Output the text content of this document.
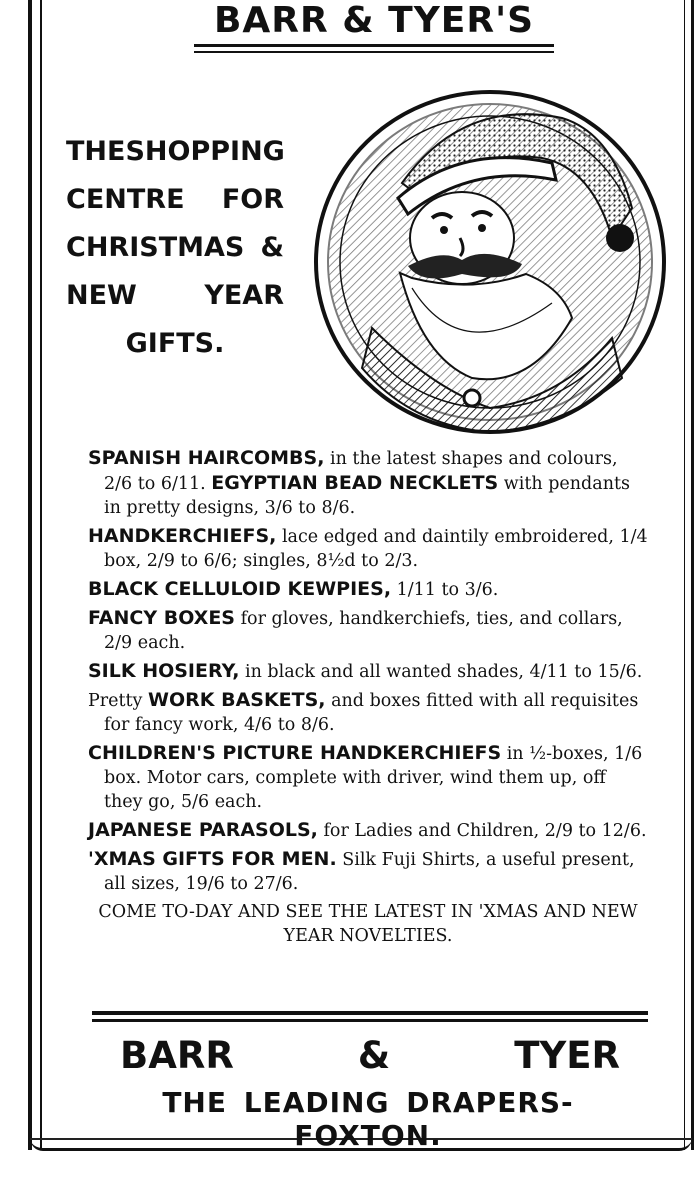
BARR & TYER'S
THE SHOPPING
CENTRE FOR
CHRISTMAS &
NEW YEAR
GIFTS.
SPANISH HAIRCOMBS, in the latest shapes and colours, 2/6 to 6/11. EGYPTIAN BEAD NECKLETS with pendants in pretty designs, 3/6 to 8/6.
HANDKERCHIEFS, lace edged and daintily embroidered, 1/4 box, 2/9 to 6/6; singles, 8½d to 2/3.
BLACK CELLULOID KEWPIES, 1/11 to 3/6.
FANCY BOXES for gloves, handkerchiefs, ties, and collars, 2/9 each.
SILK HOSIERY, in black and all wanted shades, 4/11 to 15/6.
Pretty WORK BASKETS, and boxes fitted with all requisites for fancy work, 4/6 to 8/6.
CHILDREN'S PICTURE HANDKERCHIEFS in ½-boxes, 1/6 box. Motor cars, complete with driver, wind them up, off they go, 5/6 each.
JAPANESE PARASOLS, for Ladies and Children, 2/9 to 12/6.
'XMAS GIFTS FOR MEN. Silk Fuji Shirts, a useful present, all sizes, 19/6 to 27/6.
COME TO-DAY AND SEE THE LATEST IN 'XMAS AND NEW YEAR NOVELTIES.
BARR	&	TYER
THE LEADING DRAPERS- FOXTON.
